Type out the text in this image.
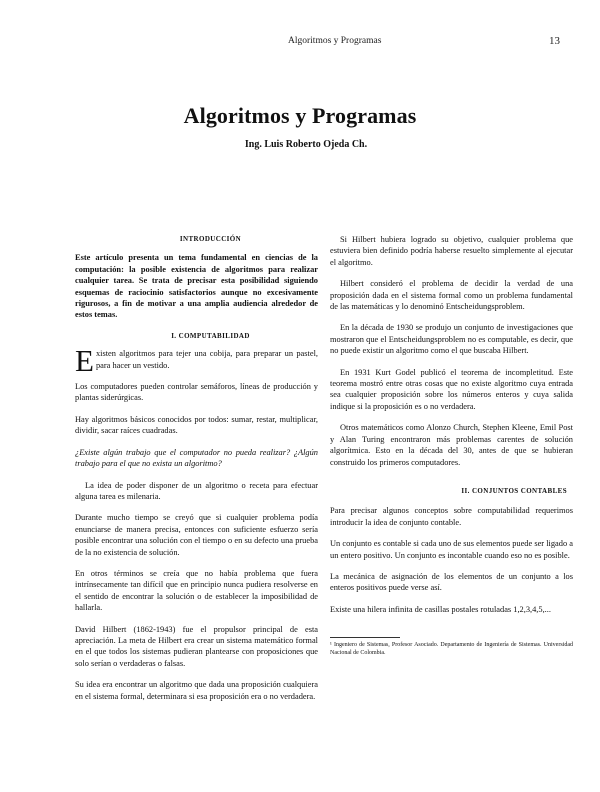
Algoritmos y Programas	13
Algoritmos y Programas
Ing. Luis Roberto Ojeda Ch.
INTRODUCCIÓN

Este artículo presenta un tema fundamental en ciencias de la computación: la posible existencia de algoritmos para realizar cualquier tarea. Se trata de precisar esta posibilidad siguiendo esquemas de raciocinio satisfactorios aunque no excesivamente rigurosos, a fin de motivar a una amplia audiencia alrededor de estos temas.

I. COMPUTABILIDAD

Existen algoritmos para tejer una cobija, para preparar un pastel, para hacer un vestido.

Los computadores pueden controlar semáforos, líneas de producción y plantas siderúrgicas.

Hay algoritmos básicos conocidos por todos: sumar, restar, multiplicar, dividir, sacar raíces cuadradas.

¿Existe algún trabajo que el computador no pueda realizar? ¿Algún trabajo para el que no exista un algoritmo?

La idea de poder disponer de un algoritmo o receta para efectuar alguna tarea es milenaria.

Durante mucho tiempo se creyó que si cualquier problema podía enunciarse de manera precisa, entonces con suficiente esfuerzo sería posible encontrar una solución con el tiempo o en su defecto una prueba de la no existencia de solución.

En otros términos se creía que no había problema que fuera intrínsecamente tan difícil que en principio nunca pudiera resolverse en el sentido de encontrar la solución o de establecer la imposibilidad de hallarla.

David Hilbert (1862-1943) fue el propulsor principal de esta apreciación. La meta de Hilbert era crear un sistema matemático formal en el que todos los sistemas pudieran plantearse con proposiciones que solo serían o verdaderas o falsas.

Su idea era encontrar un algoritmo que dada una proposición cualquiera en el sistema formal, determinara si esa proposición era o no verdadera.

Si Hilbert hubiera logrado su objetivo, cualquier problema que estuviera bien definido podría haberse resuelto simplemente al ejecutar el algoritmo.

Hilbert consideró el problema de decidir la verdad de una proposición dada en el sistema formal como un problema fundamental de las matemáticas y lo denominó Entscheidungsproblem.

En la década de 1930 se produjo un conjunto de investigaciones que mostraron que el Entscheidungsproblem no es computable, es decir, que no puede existir un algoritmo como el que buscaba Hilbert.

En 1931 Kurt Godel publicó el teorema de incompletitud. Este teorema mostró entre otras cosas que no existe algoritmo cuya entrada sea cualquier proposición sobre los números enteros y cuya salida indique si la proposición es o no verdadera.

Otros matemáticos como Alonzo Church, Stephen Kleene, Emil Post y Alan Turing encontraron más problemas carentes de solución algorítmica. Esto en la década del 30, antes de que se hubieran construido los primeros computadores.

II. CONJUNTOS CONTABLES

Para precisar algunos conceptos sobre computabilidad requerimos introducir la idea de conjunto contable.

Un conjunto es contable si cada uno de sus elementos puede ser ligado a un entero positivo. Un conjunto es incontable cuando eso no es posible.

La mecánica de asignación de los elementos de un conjunto a los enteros positivos puede verse así.

Existe una hilera infinita de casillas postales rotuladas 1,2,3,4,5,...

¹ Ingeniero de Sistemas, Profesor Asociado. Departamento de Ingeniería de Sistemas. Universidad Nacional de Colombia.
